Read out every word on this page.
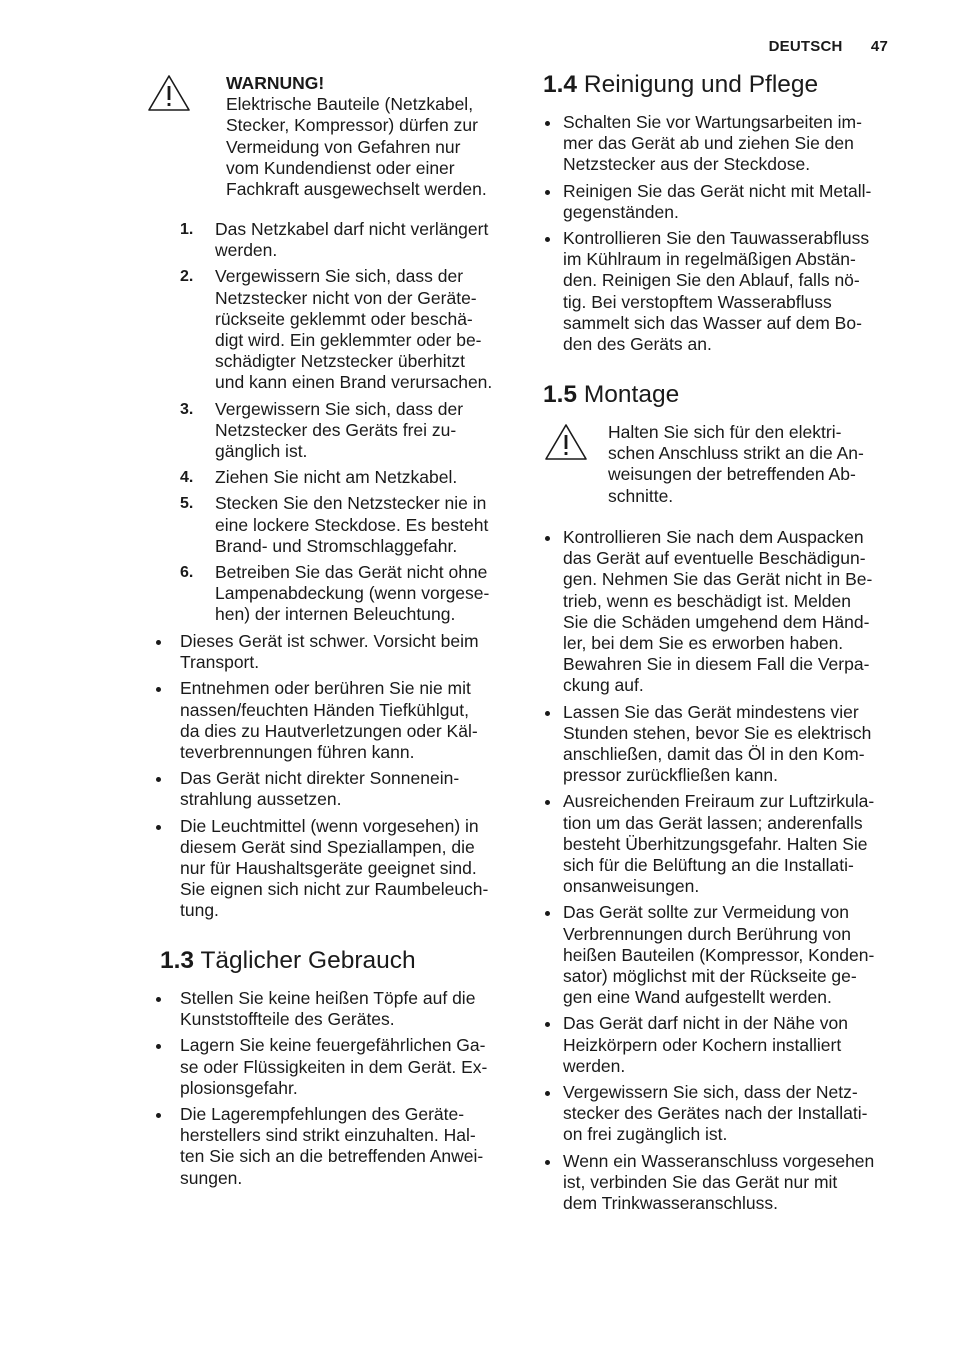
DEUTSCH 47
WARNUNG!
Elektrische Bauteile (Netzkabel,
Stecker, Kompressor) dürfen zur
Vermeidung von Gefahren nur
vom Kundendienst oder einer
Fachkraft ausgewechselt werden.
1. Das Netzkabel darf nicht verlängert
werden.
2. Vergewissern Sie sich, dass der
Netzstecker nicht von der Geräte-
rückseite geklemmt oder beschä-
digt wird. Ein geklemmter oder be-
schädigter Netzstecker überhitzt
und kann einen Brand verursachen.
3. Vergewissern Sie sich, dass der
Netzstecker des Geräts frei zu-
gänglich ist.
4. Ziehen Sie nicht am Netzkabel.
5. Stecken Sie den Netzstecker nie in
eine lockere Steckdose. Es besteht
Brand- und Stromschlaggefahr.
6. Betreiben Sie das Gerät nicht ohne
Lampenabdeckung (wenn vorgese-
hen) der internen Beleuchtung.
Dieses Gerät ist schwer. Vorsicht beim
Transport.
Entnehmen oder berühren Sie nie mit
nassen/feuchten Händen Tiefkühlgut,
da dies zu Hautverletzungen oder Käl-
teverbrennungen führen kann.
Das Gerät nicht direkter Sonnenein-
strahlung aussetzen.
Die Leuchtmittel (wenn vorgesehen) in
diesem Gerät sind Speziallampen, die
nur für Haushaltsgeräte geeignet sind.
Sie eignen sich nicht zur Raumbeleuch-
tung.
1.3 Täglicher Gebrauch
Stellen Sie keine heißen Töpfe auf die
Kunststoffteile des Gerätes.
Lagern Sie keine feuergefährlichen Ga-
se oder Flüssigkeiten in dem Gerät. Ex-
plosionsgefahr.
Die Lagerempfehlungen des Geräte-
herstellers sind strikt einzuhalten. Hal-
ten Sie sich an die betreffenden Anwei-
sungen.
1.4 Reinigung und Pflege
Schalten Sie vor Wartungsarbeiten im-
mer das Gerät ab und ziehen Sie den
Netzstecker aus der Steckdose.
Reinigen Sie das Gerät nicht mit Metall-
gegenständen.
Kontrollieren Sie den Tauwasserabfluss
im Kühlraum in regelmäßigen Abstän-
den. Reinigen Sie den Ablauf, falls nö-
tig. Bei verstopftem Wasserabfluss
sammelt sich das Wasser auf dem Bo-
den des Geräts an.
1.5 Montage
Halten Sie sich für den elektri-
schen Anschluss strikt an die An-
weisungen der betreffenden Ab-
schnitte.
Kontrollieren Sie nach dem Auspacken
das Gerät auf eventuelle Beschädigun-
gen. Nehmen Sie das Gerät nicht in Be-
trieb, wenn es beschädigt ist. Melden
Sie die Schäden umgehend dem Händ-
ler, bei dem Sie es erworben haben.
Bewahren Sie in diesem Fall die Verpa-
ckung auf.
Lassen Sie das Gerät mindestens vier
Stunden stehen, bevor Sie es elektrisch
anschließen, damit das Öl in den Kom-
pressor zurückfließen kann.
Ausreichenden Freiraum zur Luftzirkula-
tion um das Gerät lassen; anderenfalls
besteht Überhitzungsgefahr. Halten Sie
sich für die Belüftung an die Installati-
onsanweisungen.
Das Gerät sollte zur Vermeidung von
Verbrennungen durch Berührung von
heißen Bauteilen (Kompressor, Konden-
sator) möglichst mit der Rückseite ge-
gen eine Wand aufgestellt werden.
Das Gerät darf nicht in der Nähe von
Heizkörpern oder Kochern installiert
werden.
Vergewissern Sie sich, dass der Netz-
stecker des Gerätes nach der Installati-
on frei zugänglich ist.
Wenn ein Wasseranschluss vorgesehen
ist, verbinden Sie das Gerät nur mit
dem Trinkwasseranschluss.
